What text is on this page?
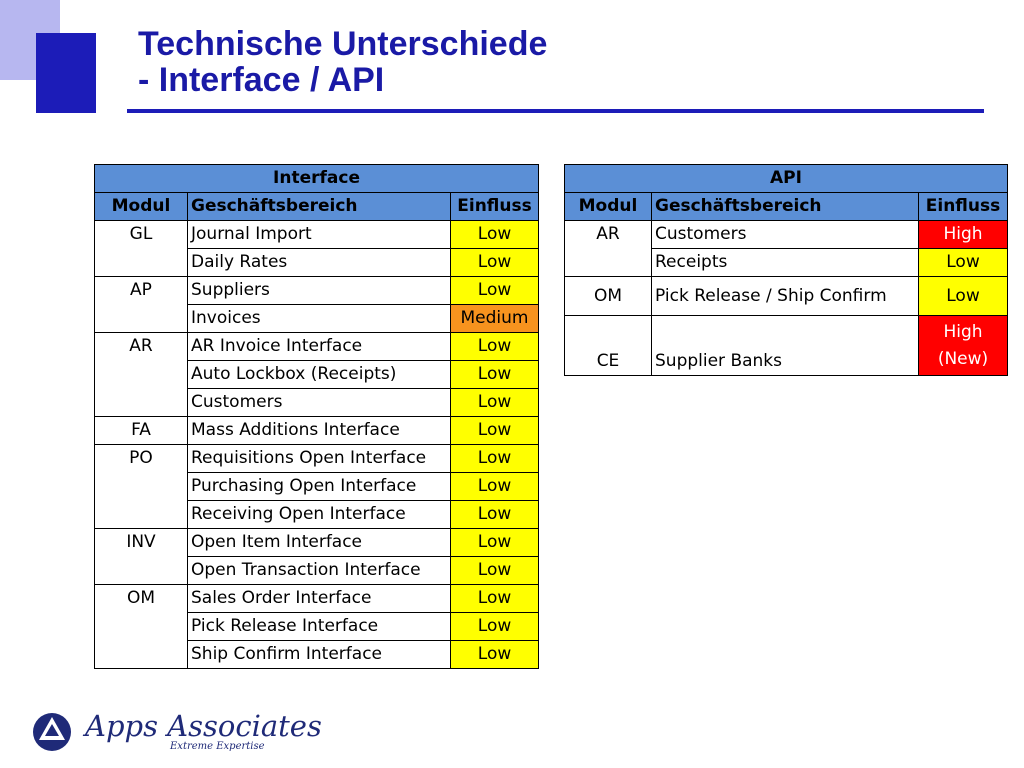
Technische Unterschiede
- Interface / API
Interface		
Modul	Geschäftsbereich	Einfluss
GL	Journal Import	Low
	Daily Rates	Low
AP	Suppliers	Low
	Invoices	Medium
AR	AR Invoice Interface	Low
	Auto Lockbox (Receipts)	Low
	Customers	Low
FA	Mass Additions Interface	Low
PO	Requisitions Open Interface	Low
	Purchasing Open Interface	Low
	Receiving Open Interface	Low
INV	Open Item Interface	Low
	Open Transaction Interface	Low
OM	Sales Order Interface	Low
	Pick Release Interface	Low
	Ship Confirm Interface	Low
API		
Modul	Geschäftsbereich	Einfluss
AR	Customers	High
	Receipts	Low
OM	Pick Release / Ship Confirm	Low
CE	Supplier Banks	High
(New)
Apps Associates
Extreme Expertise
